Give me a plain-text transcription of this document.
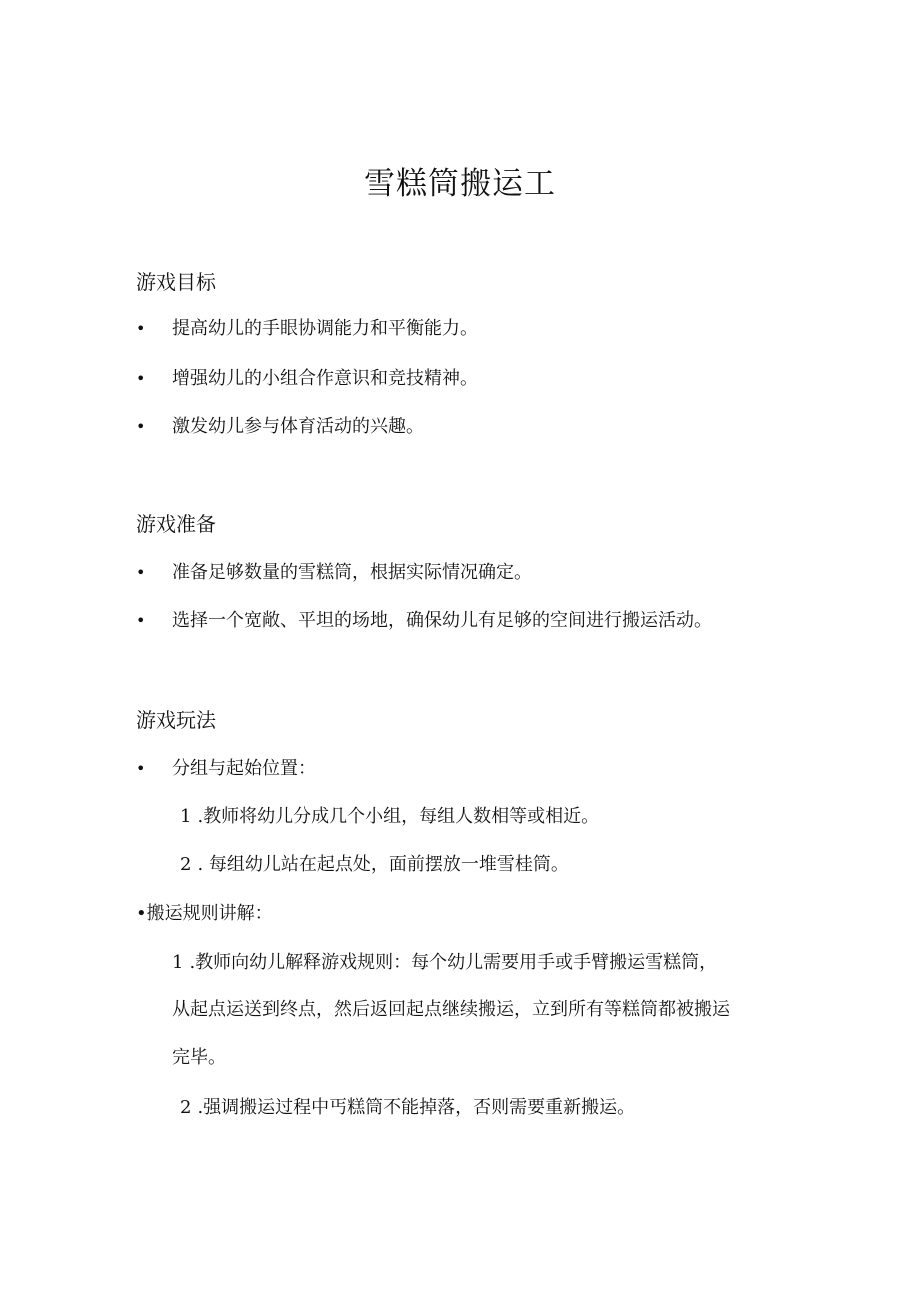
雪糕筒搬运工
游戏目标
• 提高幼儿的手眼协调能力和平衡能力。
• 增强幼儿的小组合作意识和竞技精神。
• 激发幼儿参与体育活动的兴趣。
游戏准备
• 准备足够数量的雪糕筒，根据实际情况确定。
• 选择一个宽敞、平坦的场地，确保幼儿有足够的空间进行搬运活动。
游戏玩法
• 分组与起始位置：
1.教师将幼儿分成几个小组，每组人数相等或相近。
2. 每组幼儿站在起点处，面前摆放一堆雪桂筒。
•搬运规则讲解：
1.教师向幼儿解释游戏规则：每个幼儿需要用手或手臂搬运雪糕筒，
从起点运送到终点，然后返回起点继续搬运，立到所有等糕筒都被搬运
完毕。
2.强调搬运过程中丐糕筒不能掉落，否则需要重新搬运。
